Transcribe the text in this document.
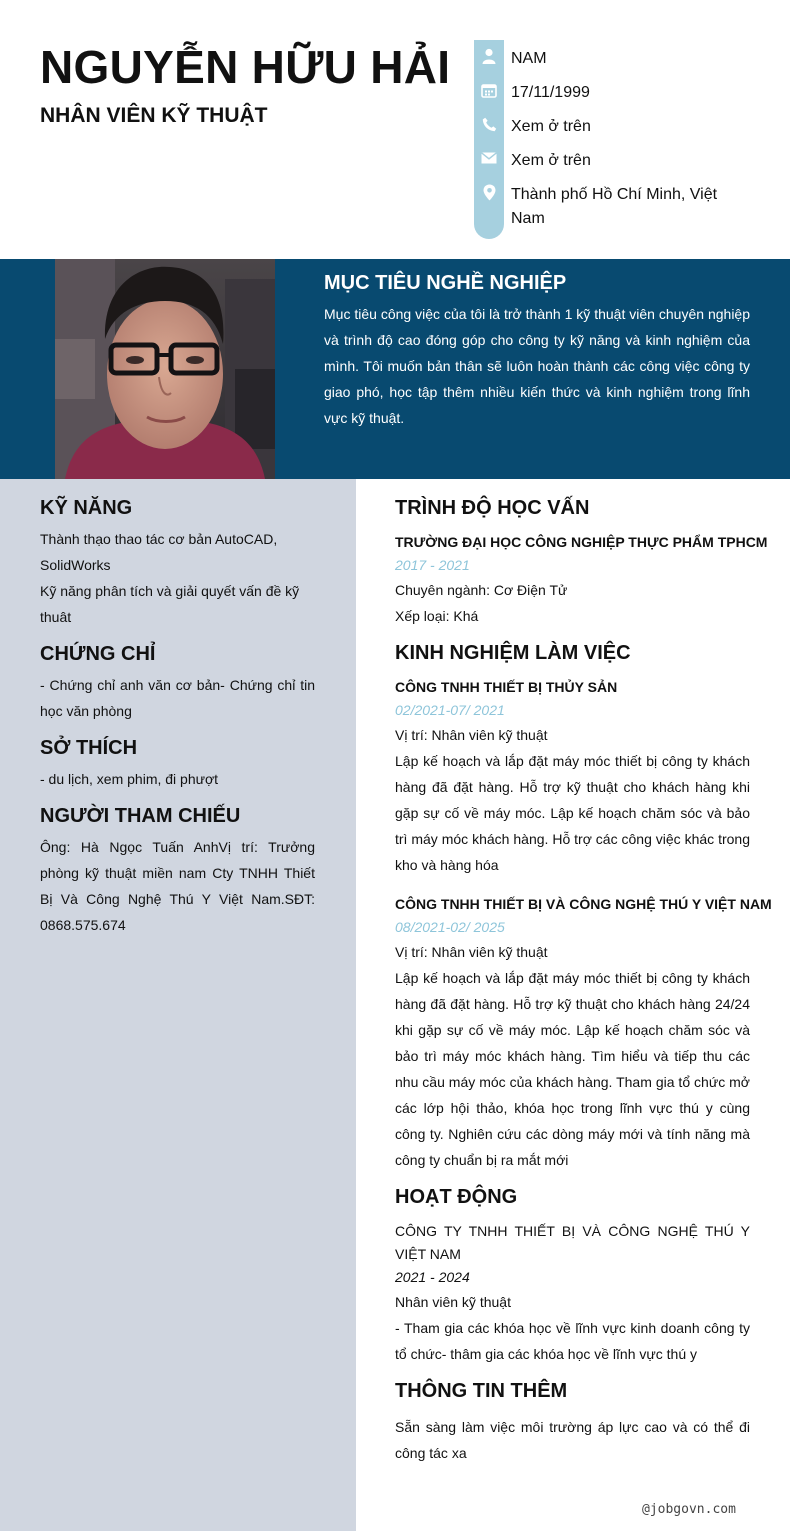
NGUYỄN HỮU HẢI
NHÂN VIÊN KỸ THUẬT
NAM
17/11/1999
Xem ở trên
Xem ở trên
Thành phố Hồ Chí Minh, Việt
Nam
MỤC TIÊU NGHỀ NGHIỆP
Mục tiêu công việc của tôi là trở thành 1 kỹ thuật viên chuyên nghiệp và trình độ cao đóng góp cho công ty kỹ năng và kinh nghiệm của mình. Tôi muốn bản thân sẽ luôn hoàn thành các công việc công ty giao phó, học tập thêm nhiều kiến thức và kinh nghiệm trong lĩnh vực kỹ thuật.
KỸ NĂNG
Thành thạo thao tác cơ bản AutoCAD,
SolidWorks
Kỹ năng phân tích và giải quyết vấn đề kỹ
thuât
CHỨNG CHỈ
- Chứng chỉ anh văn cơ bản- Chứng chỉ tin học văn phòng
SỞ THÍCH
- du lịch, xem phim, đi phượt
NGƯỜI THAM CHIẾU
Ông: Hà Ngọc Tuấn AnhVị trí: Trưởng phòng kỹ thuật miền nam Cty TNHH Thiết Bị Và Công Nghệ Thú Y Việt Nam.SĐT: 0868.575.674
TRÌNH ĐỘ HỌC VẤN
TRƯỜNG ĐẠI HỌC CÔNG NGHIỆP THỰC PHẨM TPHCM
2017 - 2021
Chuyên ngành: Cơ Điện Tử
Xếp loại: Khá
KINH NGHIỆM LÀM VIỆC
CÔNG TNHH THIẾT BỊ THỦY SẢN
02/2021-07/ 2021
Vị trí: Nhân viên kỹ thuật
Lập kế hoạch và lắp đặt máy móc thiết bị công ty khách hàng đã đặt hàng. Hỗ trợ kỹ thuật cho khách hàng khi gặp sự cố về máy móc. Lập kế hoạch chăm sóc và bảo trì máy móc khách hàng. Hỗ trợ các công việc khác trong kho và hàng hóa
CÔNG TNHH THIẾT BỊ VÀ CÔNG NGHỆ THÚ Y VIỆT NAM
08/2021-02/ 2025
Vị trí: Nhân viên kỹ thuật
Lập kế hoạch và lắp đặt máy móc thiết bị công ty khách hàng đã đặt hàng. Hỗ trợ kỹ thuật cho khách hàng 24/24 khi gặp sự cố về máy móc. Lập kế hoạch chăm sóc và bảo trì máy móc khách hàng. Tìm hiểu và tiếp thu các nhu cầu máy móc của khách hàng. Tham gia tổ chức mở các lớp hội thảo, khóa học trong lĩnh vực thú y cùng công ty. Nghiên cứu các dòng máy mới và tính năng mà công ty chuẩn bị ra mắt mới
HOẠT ĐỘNG
CÔNG TY TNHH THIẾT BỊ VÀ CÔNG NGHỆ THÚ Y VIỆT NAM
2021 - 2024
Nhân viên kỹ thuật
- Tham gia các khóa học về lĩnh vực kinh doanh công ty tổ chức- thâm gia các khóa học về lĩnh vực thú y
THÔNG TIN THÊM
Sẵn sàng làm việc môi trường áp lực cao và có thể đi công tác xa
@jobgovn.com
